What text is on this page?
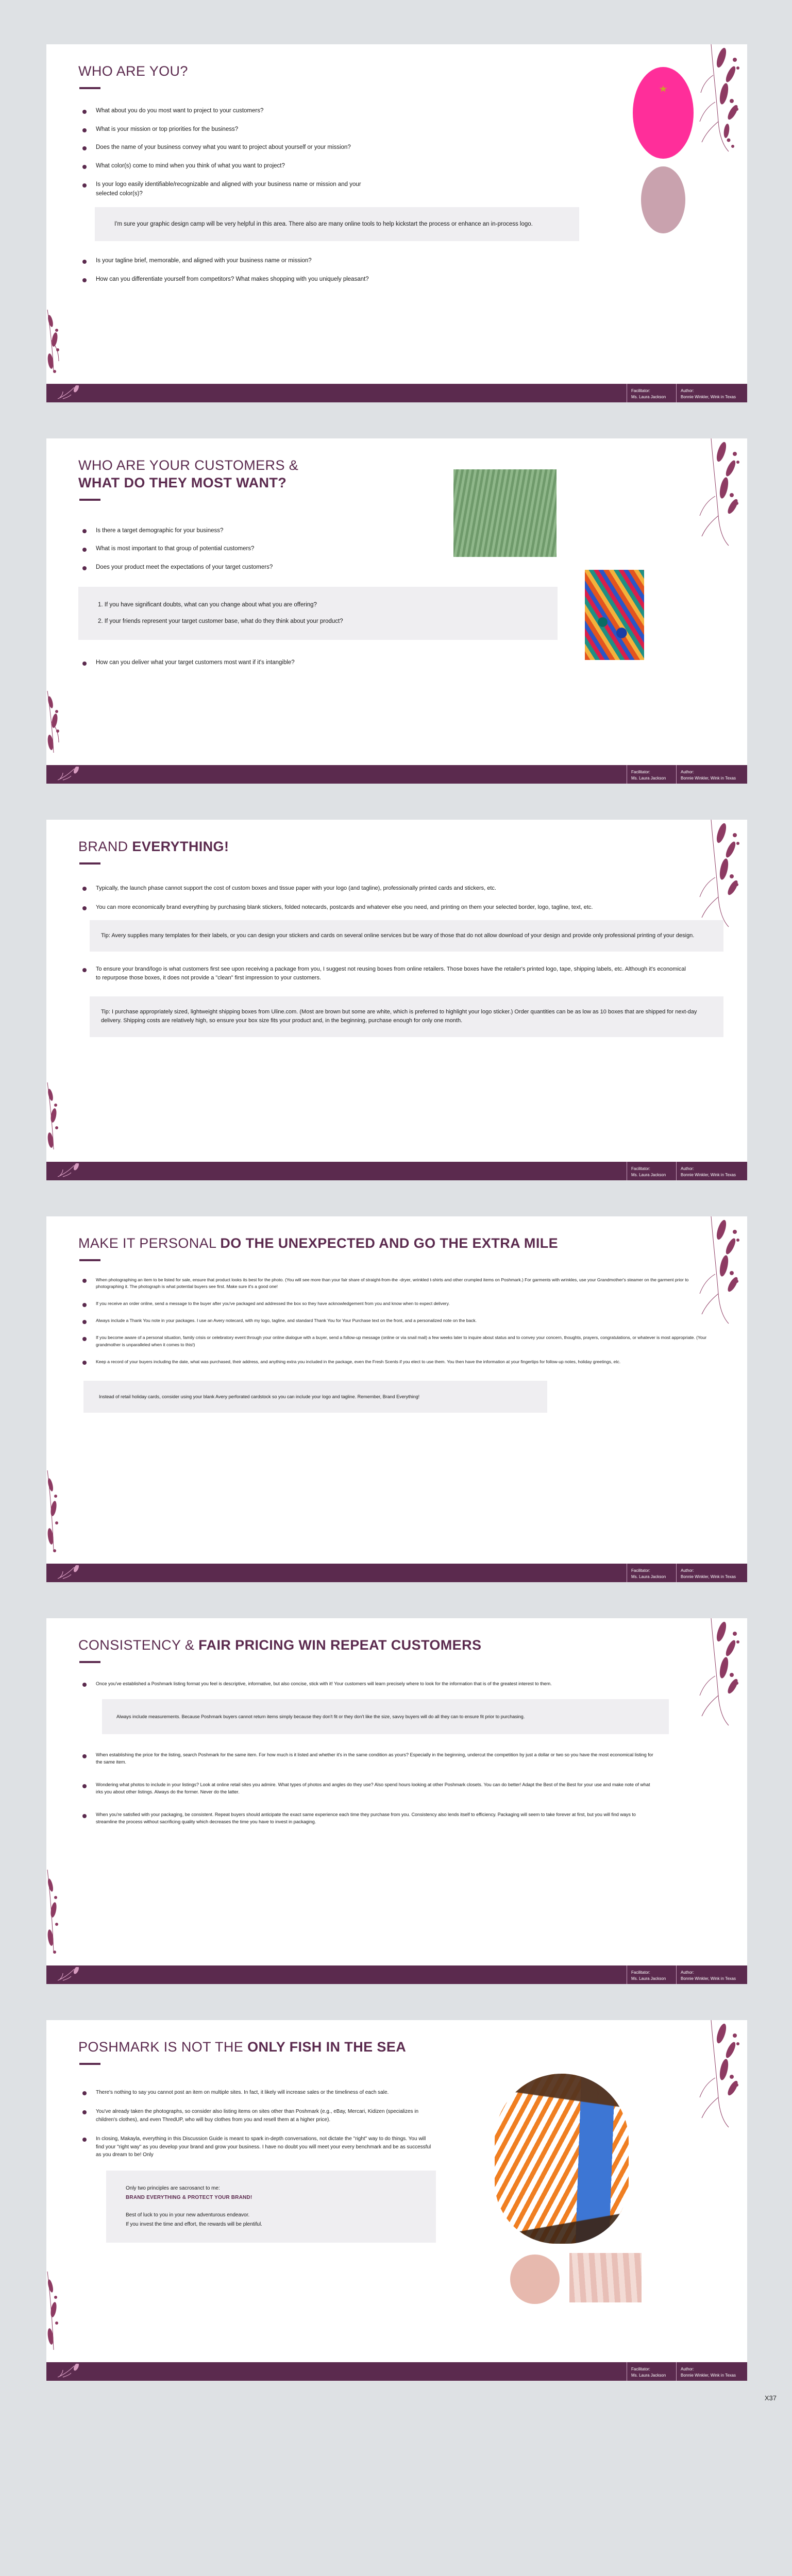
WHO ARE YOU?
What about you do you most want to project to your customers?
What is your mission or top priorities for the business?
Does the name of your business convey what you want to project about yourself or your mission?
What color(s) come to mind when you think of what you want to project?
Is your logo easily identifiable/recognizable and aligned with your business name or mission and your selected color(s)?
I'm sure your graphic design camp will be very helpful in this area. There also are many online tools to help kickstart the process or enhance an in-process logo.
Is your tagline brief, memorable, and aligned with your business name or mission?
How can you differentiate yourself from competitors? What makes shopping with you uniquely pleasant?
Facilitator:
Ms. Laura Jackson
Author:
Bonnie Winkler, Wink in Texas
WHO ARE YOUR CUSTOMERS &
WHAT DO THEY MOST WANT?
Is there a target demographic for your business?
What is most important to that group of potential customers?
Does your product meet the expectations of your target customers?
1. If you have significant doubts, what can you change about what you are offering?
2. If your friends represent your target customer base, what do they think about your product?
How can you deliver what your target customers most want if it's intangible?
Facilitator:
Ms. Laura Jackson
Author:
Bonnie Winkler, Wink in Texas
BRAND EVERYTHING!
Typically, the launch phase cannot support the cost of custom boxes and tissue paper with your logo (and tagline), professionally printed cards and stickers, etc.
You can more economically brand everything by purchasing blank stickers, folded notecards, postcards and whatever else you need, and printing on them your selected border, logo, tagline, text, etc.
Tip: Avery supplies many templates for their labels, or you can design your stickers and cards on several online services but be wary of those that do not allow download of your design and provide only professional printing of your design.
To ensure your brand/logo is what customers first see upon receiving a package from you, I suggest not reusing boxes from online retailers. Those boxes have the retailer's printed logo, tape, shipping labels, etc. Although it's economical to repurpose those boxes, it does not provide a "clean" first impression to your customers.
Tip: I purchase appropriately sized, lightweight shipping boxes from Uline.com. (Most are brown but some are white, which is preferred to highlight your logo sticker.) Order quantities can be as low as 10 boxes that are shipped for next-day delivery. Shipping costs are relatively high, so ensure your box size fits your product and, in the beginning, purchase enough for only one month.
Facilitator:
Ms. Laura Jackson
Author:
Bonnie Winkler, Wink in Texas
MAKE IT PERSONAL DO THE UNEXPECTED AND GO THE EXTRA MILE
When photographing an item to be listed for sale, ensure that product looks its best for the photo. (You will see more than your fair share of straight-from-the -dryer, wrinkled t-shirts and other crumpled items on Poshmark.) For garments with wrinkles, use your Grandmother's steamer on the garment prior to photographing it. The photograph is what potential buyers see first. Make sure it's a good one!
If you receive an order online, send a message to the buyer after you've packaged and addressed the box so they have acknowledgement from you and know when to expect delivery.
Always include a Thank You note in your packages. I use an Avery notecard, with my logo, tagline, and standard Thank You for Your Purchase text on the front, and a personalized note on the back.
If you become aware of a personal situation, family crisis or celebratory event through your online dialogue with a buyer, send a follow-up message (online or via snail mail) a few weeks later to inquire about status and to convey your concern, thoughts, prayers, congratulations, or whatever is most appropriate. (Your grandmother is unparalleled when it comes to this!)
Keep a record of your buyers including the date, what was purchased, their address, and anything extra you included in the package, even the Fresh Scents if you elect to use them. You then have the information at your fingertips for follow-up notes, holiday greetings, etc.
Instead of retail holiday cards, consider using your blank Avery perforated cardstock so you can include your logo and tagline. Remember, Brand Everything!
Facilitator:
Ms. Laura Jackson
Author:
Bonnie Winkler, Wink in Texas
CONSISTENCY & FAIR PRICING WIN REPEAT CUSTOMERS
Once you've established a Poshmark listing format you feel is descriptive, informative, but also concise, stick with it! Your customers will learn precisely where to look for the information that is of the greatest interest to them.
Always include measurements. Because Poshmark buyers cannot return items simply because they don't fit or they don't like the size, savvy buyers will do all they can to ensure fit prior to purchasing.
When establishing the price for the listing, search Poshmark for the same item. For how much is it listed and whether it's in the same condition as yours? Especially in the beginning, undercut the competition by just a dollar or two so you have the most economical listing for the same item.
Wondering what photos to include in your listings? Look at online retail sites you admire. What types of photos and angles do they use? Also spend hours looking at other Poshmark closets. You can do better! Adapt the Best of the Best for your use and make note of what irks you about other listings. Always do the former. Never do the latter.
When you're satisfied with your packaging, be consistent. Repeat buyers should anticipate the exact same experience each time they purchase from you. Consistency also lends itself to efficiency. Packaging will seem to take forever at first, but you will find ways to streamline the process without sacrificing quality which decreases the time you have to invest in packaging.
Facilitator:
Ms. Laura Jackson
Author:
Bonnie Winkler, Wink in Texas
POSHMARK IS NOT THE ONLY FISH IN THE SEA
There's nothing to say you cannot post an item on multiple sites. In fact, it likely will increase sales or the timeliness of each sale.
You've already taken the photographs, so consider also listing items on sites other than Poshmark (e.g., eBay, Mercari, Kidizen (specializes in children's clothes), and even ThredUP, who will buy clothes from you and resell them at a higher price).
In closing, Makayla, everything in this Discussion Guide is meant to spark in-depth conversations, not dictate the "right" way to do things. You will find your "right way" as you develop your brand and grow your business. I have no doubt you will meet your every benchmark and be as successful as you dream to be! Only
Only two principles are sacrosanct to me:
BRAND EVERYTHING & PROTECT YOUR BRAND!
Best of luck to you in your new adventurous endeavor.
If you invest the time and effort, the rewards will be plentiful.
Facilitator:
Ms. Laura Jackson
Author:
Bonnie Winkler, Wink in Texas
X37
